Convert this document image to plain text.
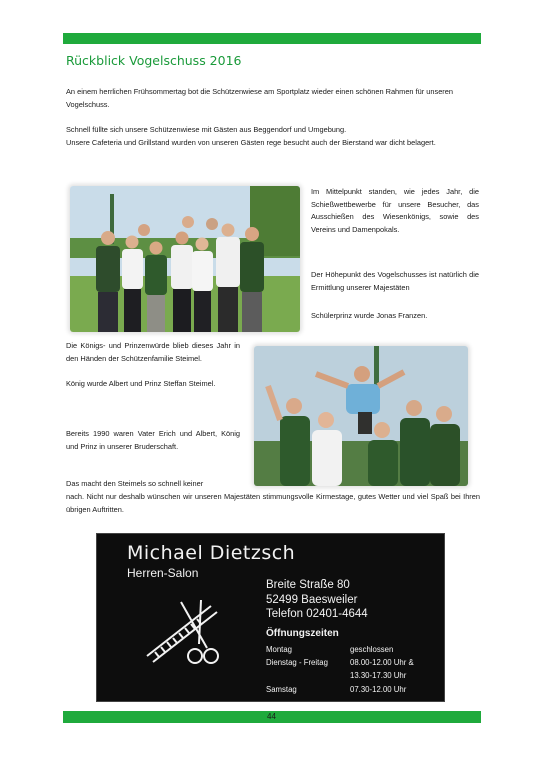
Rückblick Vogelschuss 2016
An einem herrlichen Frühsommertag bot die Schützenwiese am Sportplatz wieder einen schönen Rahmen für unseren Vogelschuss.
Schnell füllte sich unsere Schützenwiese mit Gästen aus Beggendorf und Umgebung.
Unsere Cafeteria und Grillstand wurden von unseren Gästen rege besucht auch der Bierstand war dicht belagert.
Im Mittelpunkt standen, wie jedes Jahr, die Schießwettbewerbe für unsere Besucher, das Ausschießen des Wiesenkönigs, sowie des Vereins und Damenpokals.
Der Höhepunkt des Vogelschusses ist natürlich die Ermittlung unserer Majestäten
Schülerprinz wurde Jonas Franzen.
Die Königs- und Prinzenwürde blieb dieses Jahr in den Händen der Schützenfamilie Steimel.
König wurde Albert und Prinz Steffan Steimel.
Bereits 1990 waren Vater Erich und Albert, König und Prinz in unserer Bruderschaft.
Das macht den Steimels so schnell keiner
nach. Nicht nur deshalb wünschen wir unseren Majestäten stimmungsvolle Kirmestage, gutes Wetter und viel Spaß bei Ihren übrigen Auftritten.
Michael Dietzsch
Herren-Salon
Breite Straße 80
52499 Baesweiler
Telefon 02401-4644
Öffnungszeiten
Montag	geschlossen
Dienstag - Freitag	08.00-12.00 Uhr &
13.30-17.30 Uhr
Samstag	07.30-12.00 Uhr
44
